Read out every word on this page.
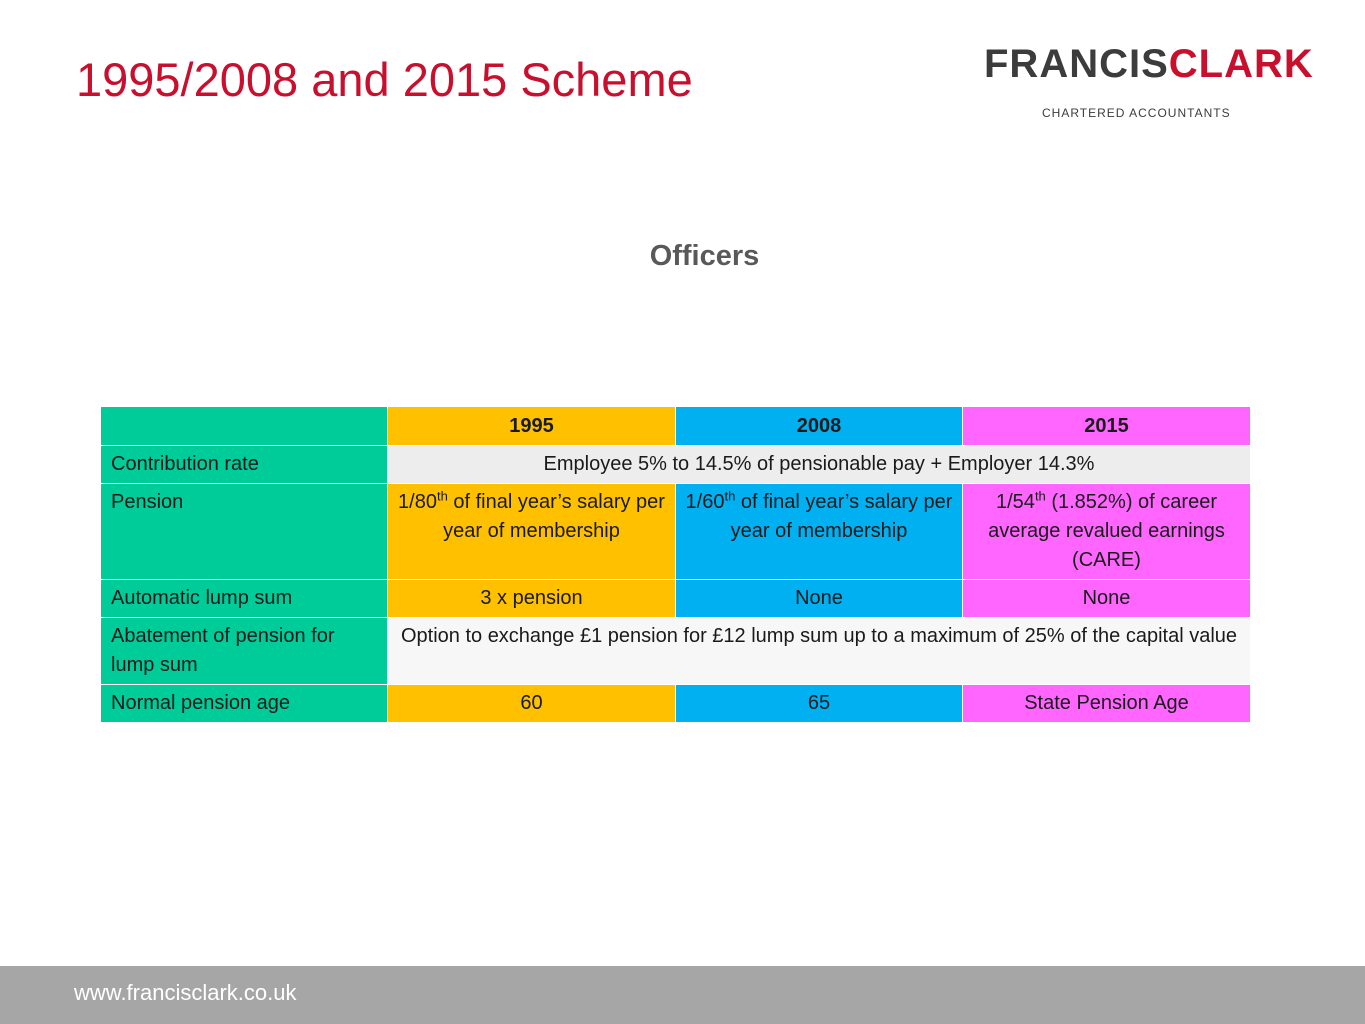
1995/2008 and 2015 Scheme	FRANCISCLARK
CHARTERED ACCOUNTANTS
Officers
	1995	2008	2015
Contribution rate	Employee 5% to 14.5% of pensionable pay + Employer 14.3%		
Pension	1/80th of final year’s salary per year of membership	1/60th of final year’s salary per year of membership	1/54th (1.852%) of career average revalued earnings (CARE)
Automatic lump sum	3 x pension	None	None
Abatement of pension for lump sum	Option to exchange £1 pension for £12 lump sum up to a maximum of 25% of the capital value		
Normal pension age	60	65	State Pension Age
www.francisclark.co.uk
